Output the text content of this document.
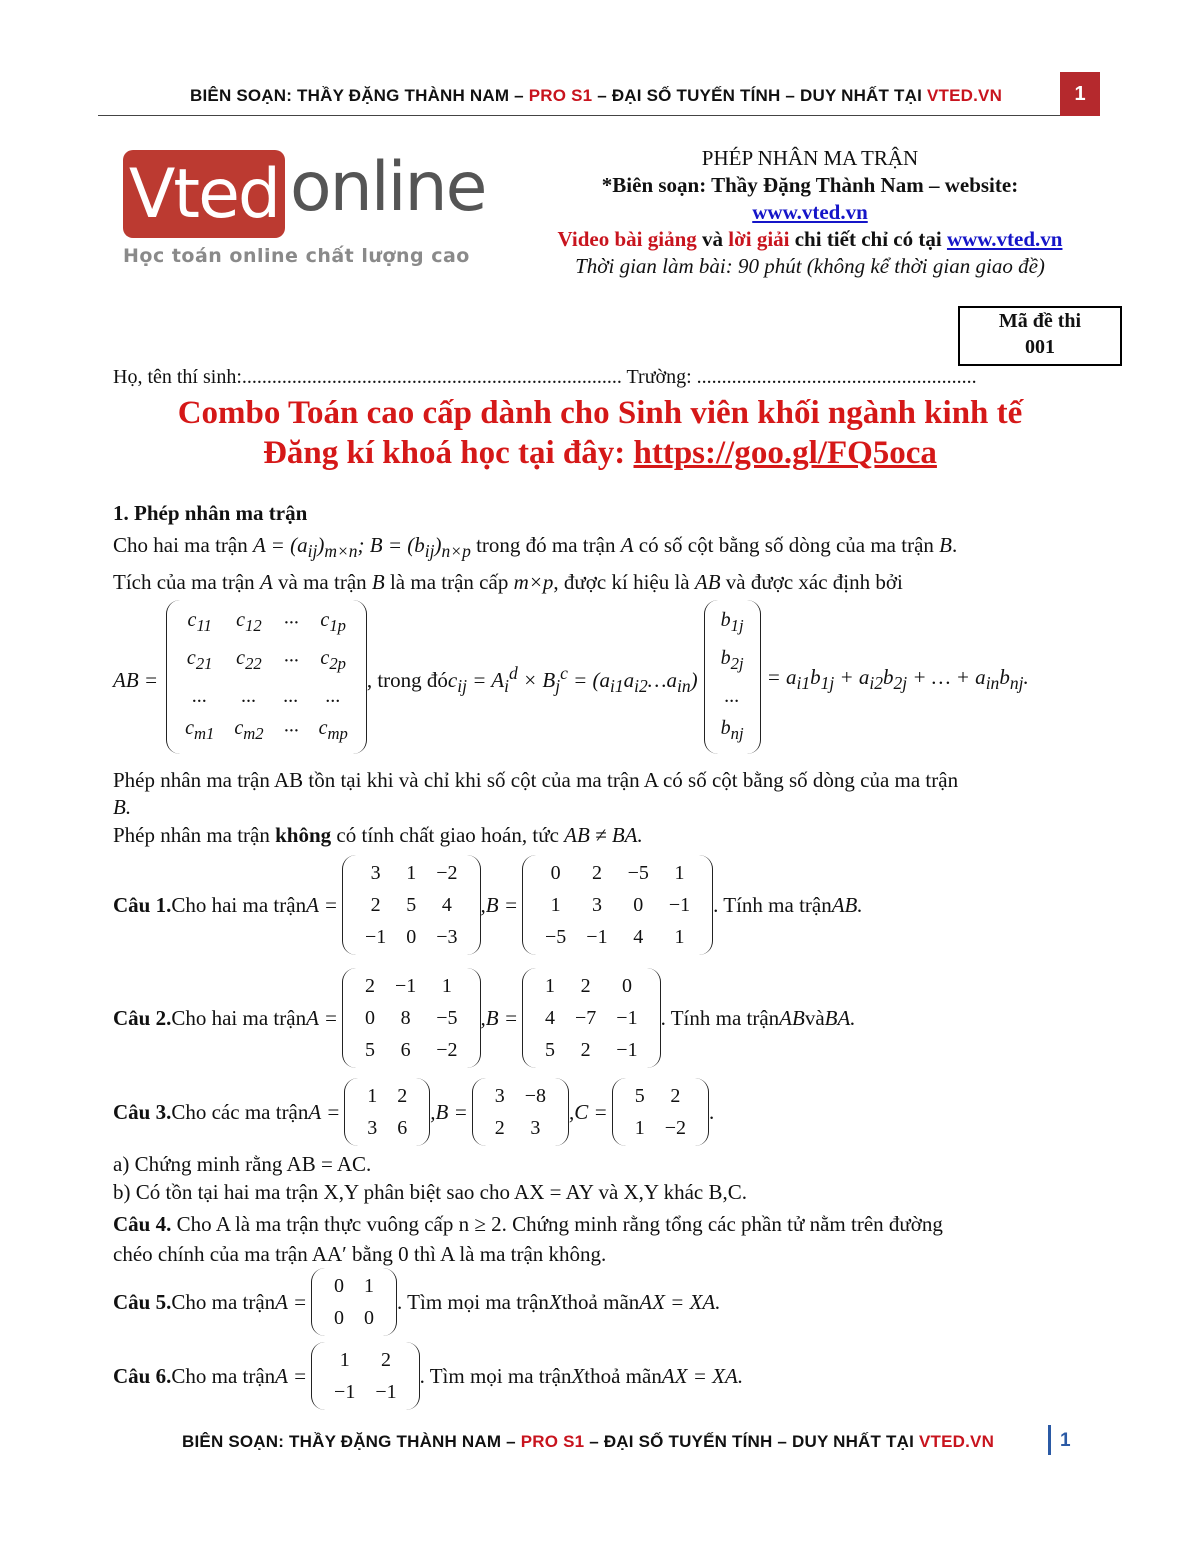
BIÊN SOẠN: THẦY ĐẶNG THÀNH NAM – PRO S1 – ĐẠI SỐ TUYẾN TÍNH – DUY NHẤT TẠI VTED.VN	1
Vted online
Học toán online chất lượng cao
PHÉP NHÂN MA TRẬN
*Biên soạn: Thầy Đặng Thành Nam – website:
www.vted.vn
Video bài giảng và lời giải chi tiết chỉ có tại www.vted.vn
Thời gian làm bài: 90 phút (không kể thời gian giao đề)
Mã đề thi
001
Họ, tên thí sinh:............................................................................ Trường: ........................................................
Combo Toán cao cấp dành cho Sinh viên khối ngành kinh tế
Đăng kí khoá học tại đây: https://goo.gl/FQ5oca
1. Phép nhân ma trận
Cho hai ma trận $A = (a_{ij})_{m\times n}$; $B = (b_{ij})_{n\times p}$ trong đó ma trận A có số cột bằng số dòng của ma trận B.
Tích của ma trận A và ma trận B là ma trận cấp m×p, được kí hiệu là AB và được xác định bởi
AB =
$c_{11}$	$c_{12}$	···	$c_{1p}$
$c_{21}$	$c_{22}$	···	$c_{2p}$
...	...	...	...
$c_{m1}$	$c_{m2}$	···	$c_{mp}$
, trong đó $c_{ij} = A_i^d \times B_j^c$ = $(a_{i1}a_{i2}\dots a_{in})$
$b_{1j}$
$b_{2j}$
...
$b_{nj}$
= $a_{i1}b_{1j} + a_{i2}b_{2j}$ + … + $a_{in}b_{nj}$.
Phép nhân ma trận AB tồn tại khi và chỉ khi số cột của ma trận A có số cột bằng số dòng của ma trận
B.
Phép nhân ma trận không có tính chất giao hoán, tức AB ≠ BA.
Câu 1. Cho hai ma trận A =
3	1	−2
2	5	4
−1	0	−3
,B =
0	2	−5	1
1	3	0	−1
−5	−1	4	1
. Tính ma trận AB.
Câu 2. Cho hai ma trận A =
2	−1	1
0	8	−5
5	6	−2
,B =
1	2	0
4	−7	−1
5	2	−1
. Tính ma trận AB và BA.
Câu 3. Cho các ma trận A =
1	2
3	6
,B =
3	−8
2	3
,C =
5	2
1	−2
.
a) Chứng minh rằng AB = AC.
b) Có tồn tại hai ma trận X,Y phân biệt sao cho AX = AY và X,Y khác B,C.
Câu 4. Cho A là ma trận thực vuông cấp n ≥ 2. Chứng minh rằng tổng các phần tử nằm trên đường
chéo chính của ma trận AA′ bằng 0 thì A là ma trận không.
Câu 5. Cho ma trận A =
0	1
0	0
. Tìm mọi ma trận X thoả mãn AX = XA.
Câu 6. Cho ma trận A =
1	2
−1	−1
. Tìm mọi ma trận X thoả mãn AX = XA.
BIÊN SOẠN: THẦY ĐẶNG THÀNH NAM – PRO S1 – ĐẠI SỐ TUYẾN TÍNH – DUY NHẤT TẠI VTED.VN	1
